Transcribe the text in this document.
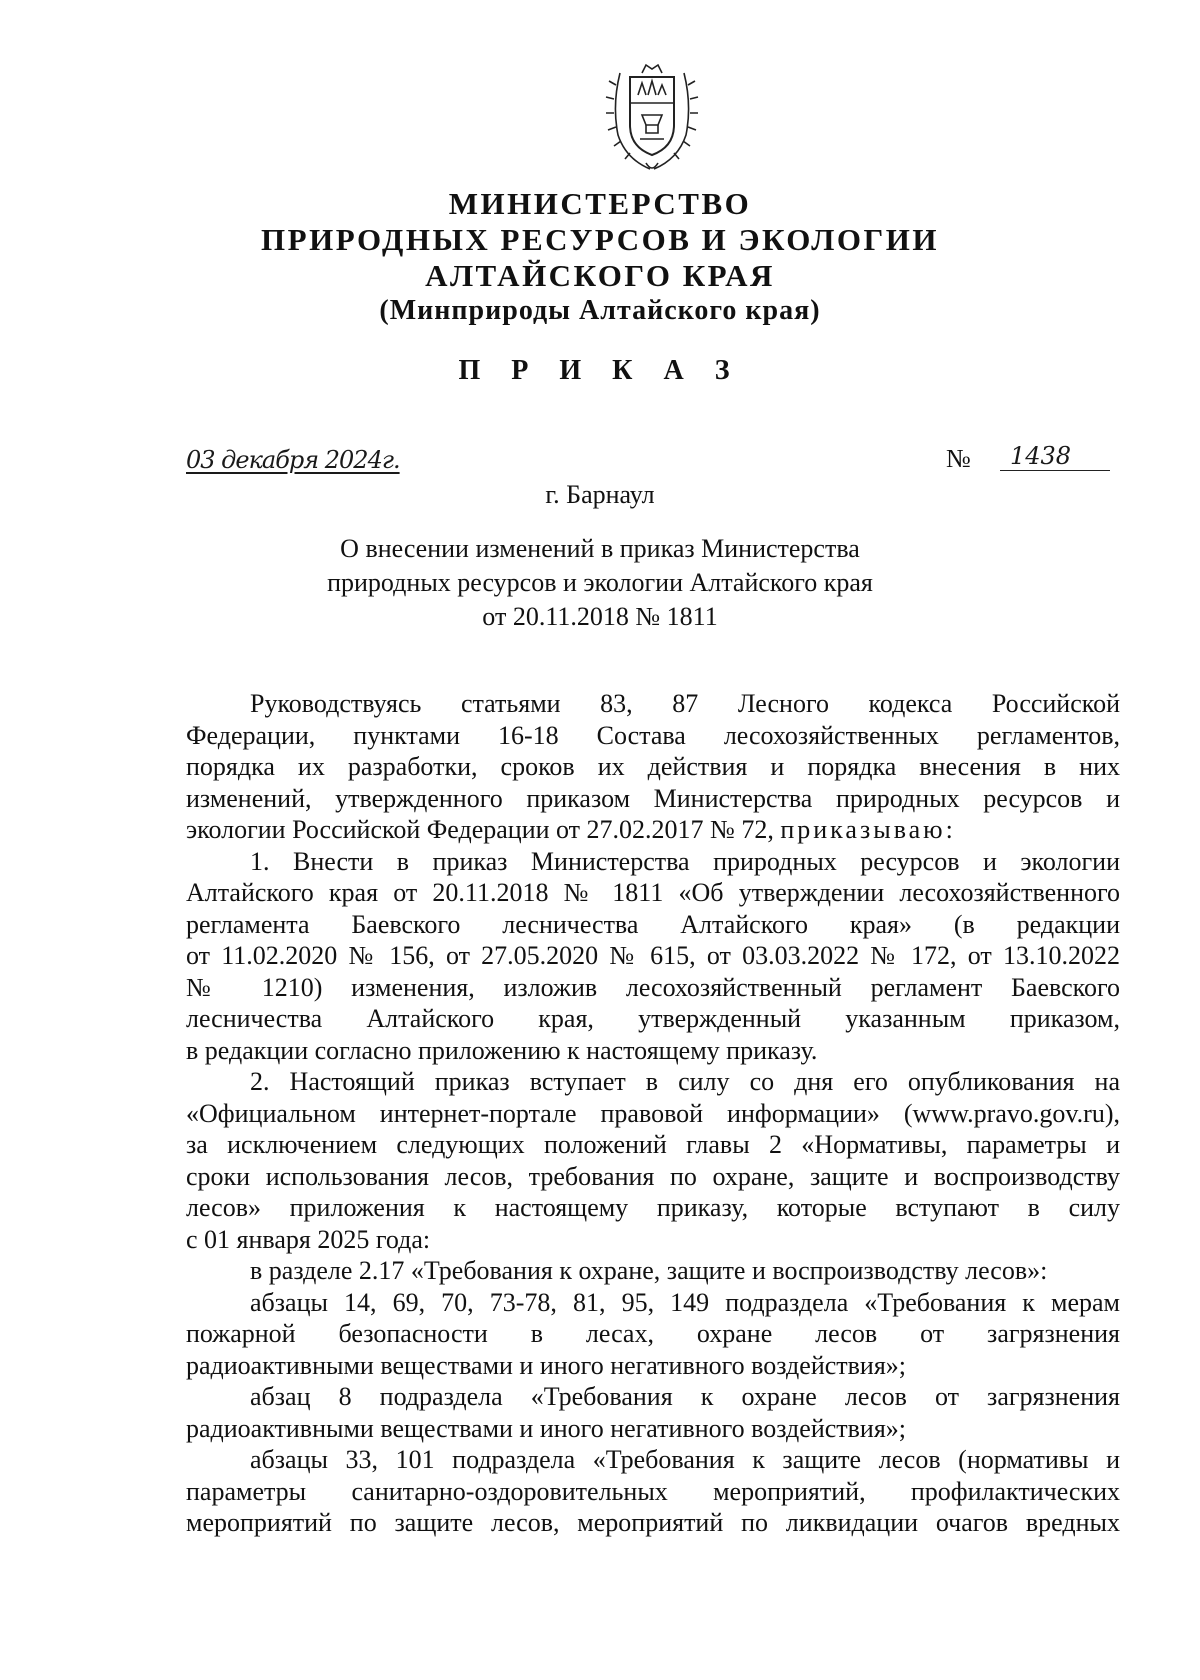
МИНИСТЕРСТВО
ПРИРОДНЫХ РЕСУРСОВ И ЭКОЛОГИИ
АЛТАЙСКОГО КРАЯ
(Минприроды Алтайского края)
П Р И К А З
03 декабря 2024г.	№	1438
г. Барнаул
О внесении изменений в приказ Министерства
природных ресурсов и экологии Алтайского края
от 20.11.2018 № 1811
Руководствуясь статьями 83, 87 Лесного кодекса Российской
Федерации, пунктами 16-18 Состава лесохозяйственных регламентов,
порядка их разработки, сроков их действия и порядка внесения в них
изменений, утвержденного приказом Министерства природных ресурсов и
экологии Российской Федерации от 27.02.2017 № 72, приказываю:
1. Внести в приказ Министерства природных ресурсов и экологии
Алтайского края от 20.11.2018 № 1811 «Об утверждении лесохозяйственного
регламента Баевского лесничества Алтайского края» (в редакции
от 11.02.2020 № 156, от 27.05.2020 № 615, от 03.03.2022 № 172, от 13.10.2022
№ 1210) изменения, изложив лесохозяйственный регламент Баевского
лесничества Алтайского края, утвержденный указанным приказом,
в редакции согласно приложению к настоящему приказу.
2. Настоящий приказ вступает в силу со дня его опубликования на
«Официальном интернет-портале правовой информации» (www.pravo.gov.ru),
за исключением следующих положений главы 2 «Нормативы, параметры и
сроки использования лесов, требования по охране, защите и воспроизводству
лесов» приложения к настоящему приказу, которые вступают в силу
с 01 января 2025 года:
в разделе 2.17 «Требования к охране, защите и воспроизводству лесов»:
абзацы 14, 69, 70, 73-78, 81, 95, 149 подраздела «Требования к мерам
пожарной безопасности в лесах, охране лесов от загрязнения
радиоактивными веществами и иного негативного воздействия»;
абзац 8 подраздела «Требования к охране лесов от загрязнения
радиоактивными веществами и иного негативного воздействия»;
абзацы 33, 101 подраздела «Требования к защите лесов (нормативы и
параметры санитарно-оздоровительных мероприятий, профилактических
мероприятий по защите лесов, мероприятий по ликвидации очагов вредных
